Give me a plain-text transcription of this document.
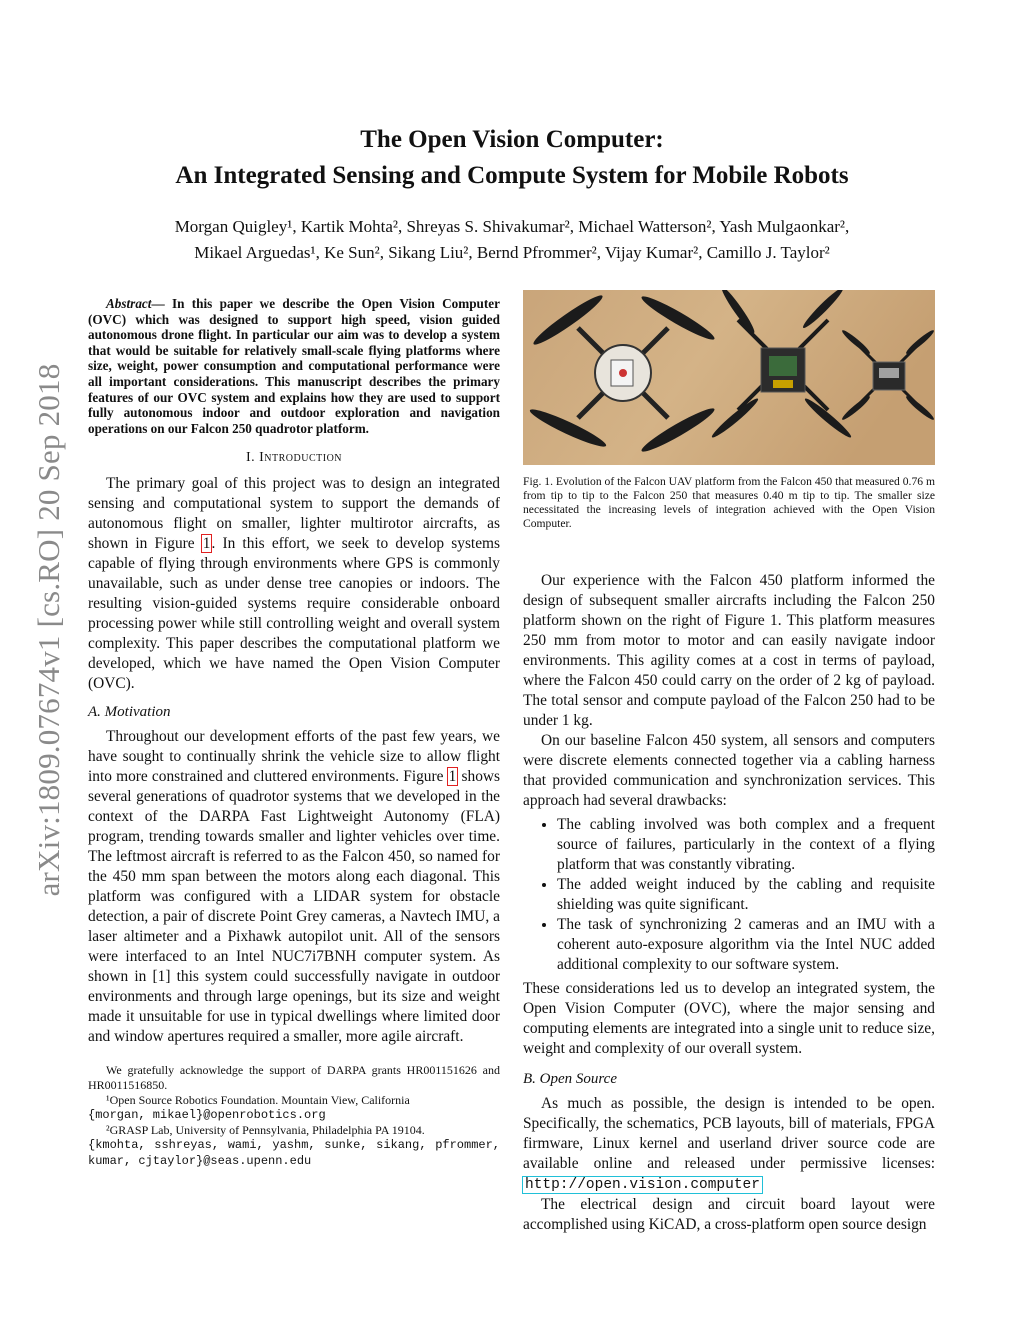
arXiv:1809.07674v1 [cs.RO] 20 Sep 2018
The Open Vision Computer:
An Integrated Sensing and Compute System for Mobile Robots
Morgan Quigley¹, Kartik Mohta², Shreyas S. Shivakumar², Michael Watterson², Yash Mulgaonkar²,
Mikael Arguedas¹, Ke Sun², Sikang Liu², Bernd Pfrommer², Vijay Kumar², Camillo J. Taylor²

Abstract— In this paper we describe the Open Vision Computer (OVC) which was designed to support high speed, vision guided autonomous drone flight. In particular our aim was to develop a system that would be suitable for relatively small-scale flying platforms where size, weight, power consumption and computational performance were all important considerations. This manuscript describes the primary features of our OVC system and explains how they are used to support fully autonomous indoor and outdoor exploration and navigation operations on our Falcon 250 quadrotor platform.

I. Introduction

The primary goal of this project was to design an integrated sensing and computational system to support the demands of autonomous flight on smaller, lighter multirotor aircrafts, as shown in Figure 1. In this effort, we seek to develop systems capable of flying through environments where GPS is commonly unavailable, such as under dense tree canopies or indoors. The resulting vision-guided systems require considerable onboard processing power while still controlling weight and overall system complexity. This paper describes the computational platform we developed, which we have named the Open Vision Computer (OVC).

A. Motivation

Throughout our development efforts of the past few years, we have sought to continually shrink the vehicle size to allow flight into more constrained and cluttered environments. Figure 1 shows several generations of quadrotor systems that we developed in the context of the DARPA Fast Lightweight Autonomy (FLA) program, trending towards smaller and lighter vehicles over time. The leftmost aircraft is referred to as the Falcon 450, so named for the 450 mm span between the motors along each diagonal. This platform was configured with a LIDAR system for obstacle detection, a pair of discrete Point Grey cameras, a Navtech IMU, a laser altimeter and a Pixhawk autopilot unit. All of the sensors were interfaced to an Intel NUC7i7BNH computer system. As shown in [1] this system could successfully navigate in outdoor environments and through large openings, but its size and weight made it unsuitable for use in typical dwellings where limited door and window apertures required a smaller, more agile aircraft.

We gratefully acknowledge the support of DARPA grants HR001151626 and HR0011516850.

¹Open Source Robotics Foundation. Mountain View, California

{morgan, mikael}@openrobotics.org

²GRASP Lab, University of Pennsylvania, Philadelphia PA 19104.

{kmohta, sshreyas, wami, yashm, sunke, sikang, pfrommer, kumar, cjtaylor}@seas.upenn.edu

Fig. 1. Evolution of the Falcon UAV platform from the Falcon 450 that measured 0.76 m from tip to tip to the Falcon 250 that measures 0.40 m tip to tip. The smaller size necessitated the increasing levels of integration achieved with the Open Vision Computer.

Our experience with the Falcon 450 platform informed the design of subsequent smaller aircrafts including the Falcon 250 platform shown on the right of Figure 1. This platform measures 250 mm from motor to motor and can easily navigate indoor environments. This agility comes at a cost in terms of payload, where the Falcon 450 could carry on the order of 2 kg of payload. The total sensor and compute payload of the Falcon 250 had to be under 1 kg.

On our baseline Falcon 450 system, all sensors and computers were discrete elements connected together via a cabling harness that provided communication and synchronization services. This approach had several drawbacks:

• The cabling involved was both complex and a frequent source of failures, particularly in the context of a flying platform that was constantly vibrating.
• The added weight induced by the cabling and requisite shielding was quite significant.
• The task of synchronizing 2 cameras and an IMU with a coherent auto-exposure algorithm via the Intel NUC added additional complexity to our software system.

These considerations led us to develop an integrated system, the Open Vision Computer (OVC), where the major sensing and computing elements are integrated into a single unit to reduce size, weight and complexity of our overall system.

B. Open Source

As much as possible, the design is intended to be open. Specifically, the schematics, PCB layouts, bill of materials, FPGA firmware, Linux kernel and userland driver source code are available online and released under permissive licenses: http://open.vision.computer

The electrical design and circuit board layout were accomplished using KiCAD, a cross-platform open source design
